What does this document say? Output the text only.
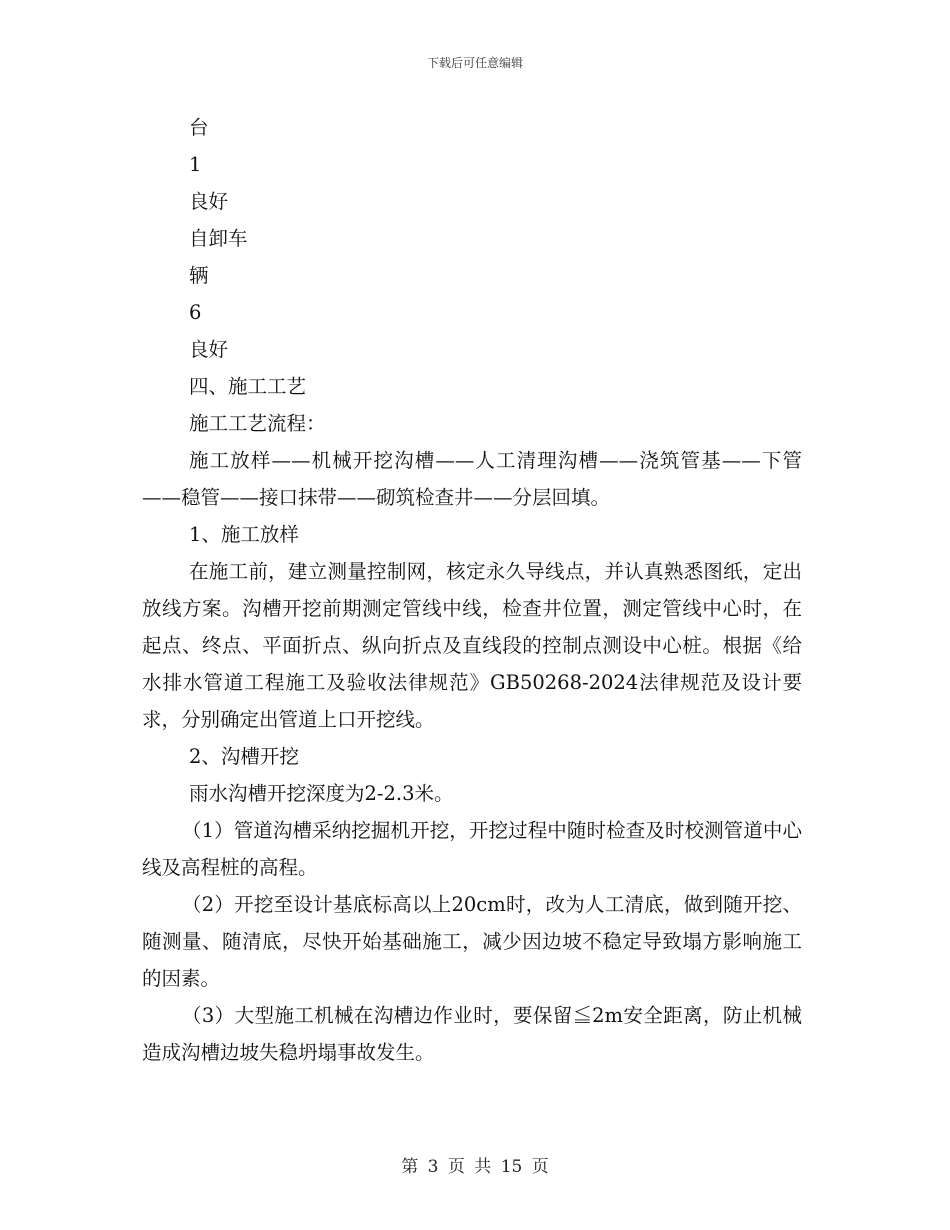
下载后可任意编辑
台
1
良好
自卸车
辆
6
良好
四、施工工艺
施工工艺流程：
施工放样——机械开挖沟槽——人工清理沟槽——浇筑管基——下管——稳管——接口抹带——砌筑检查井——分层回填。
1、施工放样
在施工前，建立测量控制网，核定永久导线点，并认真熟悉图纸，定出放线方案。沟槽开挖前期测定管线中线，检查井位置，测定管线中心时，在起点、终点、平面折点、纵向折点及直线段的控制点测设中心桩。根据《给水排水管道工程施工及验收法律规范》GB50268-2024法律规范及设计要求，分别确定出管道上口开挖线。
2、沟槽开挖
雨水沟槽开挖深度为2-2.3米。
（1）管道沟槽采纳挖掘机开挖，开挖过程中随时检查及时校测管道中心线及高程桩的高程。
（2）开挖至设计基底标高以上20cm时，改为人工清底，做到随开挖、随测量、随清底，尽快开始基础施工，减少因边坡不稳定导致塌方影响施工的因素。
（3）大型施工机械在沟槽边作业时，要保留≦2m安全距离，防止机械造成沟槽边坡失稳坍塌事故发生。
第 3 页 共 15 页
